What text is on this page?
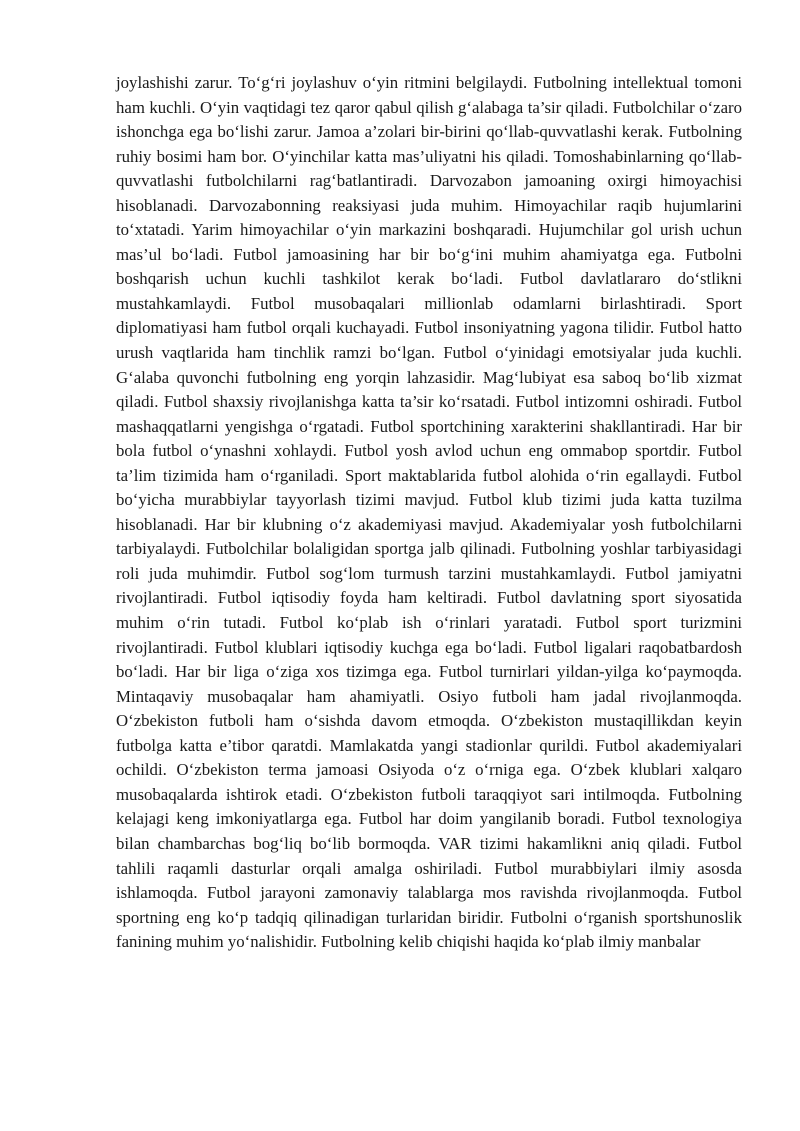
joylashishi zarur. To‘g‘ri joylashuv o‘yin ritmini belgilaydi. Futbolning intellektual tomoni ham kuchli. O‘yin vaqtidagi tez qaror qabul qilish g‘alabaga ta’sir qiladi. Futbolchilar o‘zaro ishonchga ega bo‘lishi zarur. Jamoa a’zolari bir-birini qo‘llab-quvvatlashi kerak. Futbolning ruhiy bosimi ham bor. O‘yinchilar katta mas’uliyatni his qiladi. Tomoshabinlarning qo‘llab-quvvatlashi futbolchilarni rag‘batlantiradi. Darvozabon jamoaning oxirgi himoyachisi hisoblanadi. Darvozabonning reaksiyasi juda muhim. Himoyachilar raqib hujumlarini to‘xtatadi. Yarim himoyachilar o‘yin markazini boshqaradi. Hujumchilar gol urish uchun mas’ul bo‘ladi. Futbol jamoasining har bir bo‘g‘ini muhim ahamiyatga ega. Futbolni boshqarish uchun kuchli tashkilot kerak bo‘ladi. Futbol davlatlararo do‘stlikni mustahkamlaydi. Futbol musobaqalari millionlab odamlarni birlashtiradi. Sport diplomatiyasi ham futbol orqali kuchayadi. Futbol insoniyatning yagona tilidir. Futbol hatto urush vaqtlarida ham tinchlik ramzi bo‘lgan. Futbol o‘yinidagi emotsiyalar juda kuchli. G‘alaba quvonchi futbolning eng yorqin lahzasidir. Mag‘lubiyat esa saboq bo‘lib xizmat qiladi. Futbol shaxsiy rivojlanishga katta ta’sir ko‘rsatadi. Futbol intizomni oshiradi. Futbol mashaqqatlarni yengishga o‘rgatadi. Futbol sportchining xarakterini shakllantiradi. Har bir bola futbol o‘ynashni xohlaydi. Futbol yosh avlod uchun eng ommabop sportdir. Futbol ta’lim tizimida ham o‘rganiladi. Sport maktablarida futbol alohida o‘rin egallaydi. Futbol bo‘yicha murabbiylar tayyorlash tizimi mavjud. Futbol klub tizimi juda katta tuzilma hisoblanadi. Har bir klubning o‘z akademiyasi mavjud. Akademiyalar yosh futbolchilarni tarbiyalaydi. Futbolchilar bolaligidan sportga jalb qilinadi. Futbolning yoshlar tarbiyasidagi roli juda muhimdir. Futbol sog‘lom turmush tarzini mustahkamlaydi. Futbol jamiyatni rivojlantiradi. Futbol iqtisodiy foyda ham keltiradi. Futbol davlatning sport siyosatida muhim o‘rin tutadi. Futbol ko‘plab ish o‘rinlari yaratadi. Futbol sport turizmini rivojlantiradi. Futbol klublari iqtisodiy kuchga ega bo‘ladi. Futbol ligalari raqobatbardosh bo‘ladi. Har bir liga o‘ziga xos tizimga ega. Futbol turnirlari yildan-yilga ko‘paymoqda. Mintaqaviy musobaqalar ham ahamiyatli. Osiyo futboli ham jadal rivojlanmoqda. O‘zbekiston futboli ham o‘sishda davom etmoqda. O‘zbekiston mustaqillikdan keyin futbolga katta e’tibor qaratdi. Mamlakatda yangi stadionlar qurildi. Futbol akademiyalari ochildi. O‘zbekiston terma jamoasi Osiyoda o‘z o‘rniga ega. O‘zbek klublari xalqaro musobaqalarda ishtirok etadi. O‘zbekiston futboli taraqqiyot sari intilmoqda. Futbolning kelajagi keng imkoniyatlarga ega. Futbol har doim yangilanib boradi. Futbol texnologiya bilan chambarchas bog‘liq bo‘lib bormoqda. VAR tizimi hakamlikni aniq qiladi. Futbol tahlili raqamli dasturlar orqali amalga oshiriladi. Futbol murabbiylari ilmiy asosda ishlamoqda. Futbol jarayoni zamonaviy talablarga mos ravishda rivojlanmoqda. Futbol sportning eng ko‘p tadqiq qilinadigan turlaridan biridir. Futbolni o‘rganish sportshunoslik fanining muhim yo‘nalishidir. Futbolning kelib chiqishi haqida ko‘plab ilmiy manbalar
